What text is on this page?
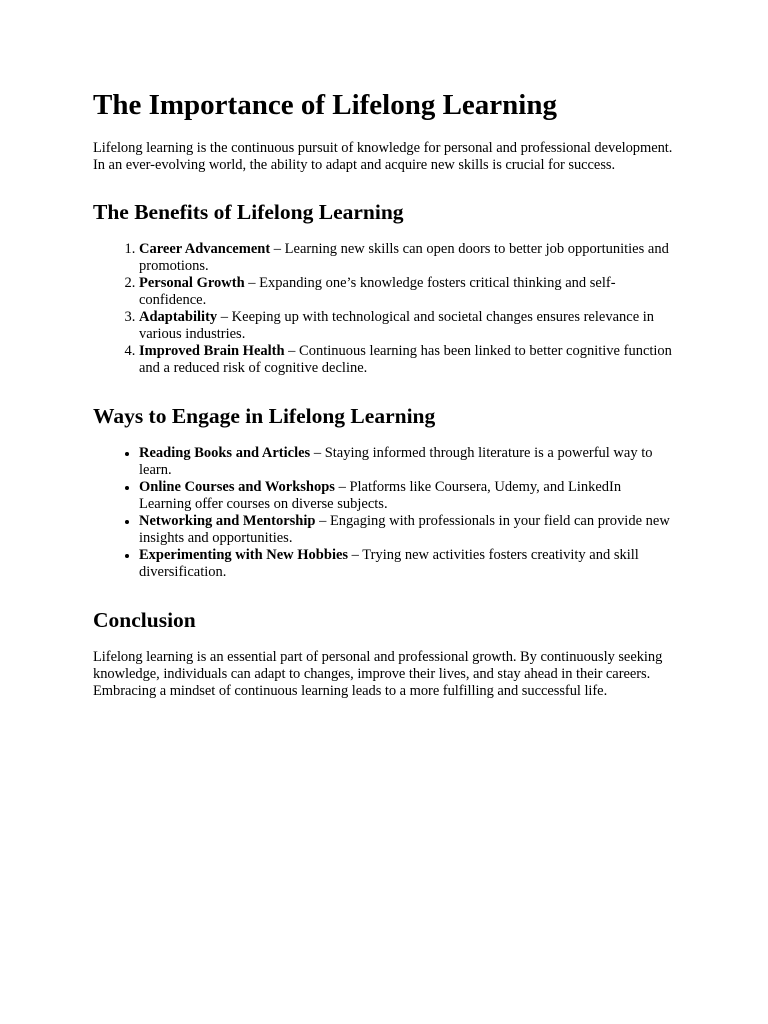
The Importance of Lifelong Learning

Lifelong learning is the continuous pursuit of knowledge for personal and professional development. In an ever-evolving world, the ability to adapt and acquire new skills is crucial for success.

The Benefits of Lifelong Learning
1. Career Advancement – Learning new skills can open doors to better job opportunities and promotions.
2. Personal Growth – Expanding one’s knowledge fosters critical thinking and self-confidence.
3. Adaptability – Keeping up with technological and societal changes ensures relevance in various industries.
4. Improved Brain Health – Continuous learning has been linked to better cognitive function and a reduced risk of cognitive decline.
Ways to Engage in Lifelong Learning
• Reading Books and Articles – Staying informed through literature is a powerful way to learn.
• Online Courses and Workshops – Platforms like Coursera, Udemy, and LinkedIn Learning offer courses on diverse subjects.
• Networking and Mentorship – Engaging with professionals in your field can provide new insights and opportunities.
• Experimenting with New Hobbies – Trying new activities fosters creativity and skill diversification.
Conclusion

Lifelong learning is an essential part of personal and professional growth. By continuously seeking knowledge, individuals can adapt to changes, improve their lives, and stay ahead in their careers. Embracing a mindset of continuous learning leads to a more fulfilling and successful life.
